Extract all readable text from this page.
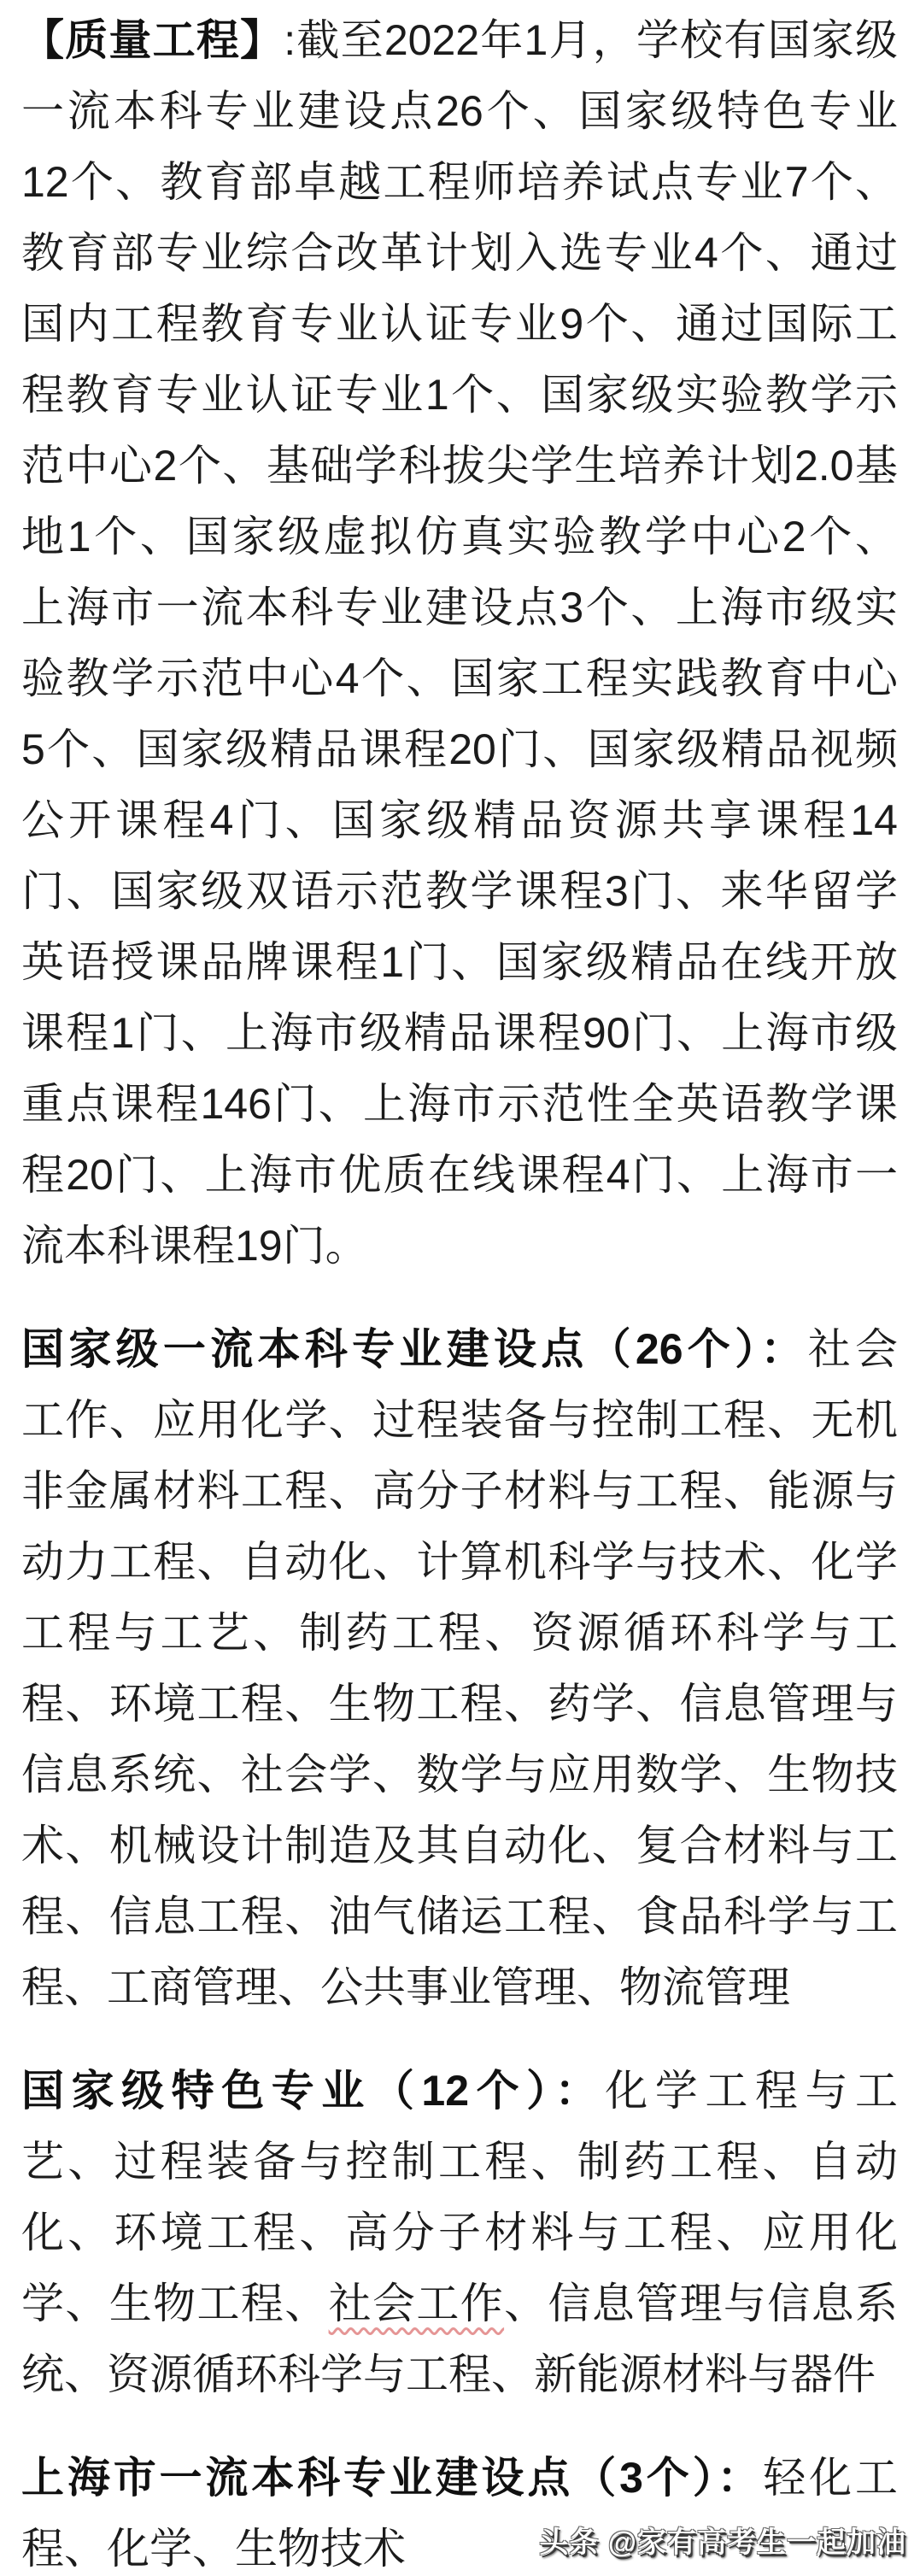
【质量工程】:截至2022年1月，学校有国家级
一流本科专业建设点26个、国家级特色专业
12个、教育部卓越工程师培养试点专业7个、
教育部专业综合改革计划入选专业4个、通过
国内工程教育专业认证专业9个、通过国际工
程教育专业认证专业1个、国家级实验教学示
范中心2个、基础学科拔尖学生培养计划2.0基
地1个、国家级虚拟仿真实验教学中心2个、
上海市一流本科专业建设点3个、上海市级实
验教学示范中心4个、国家工程实践教育中心
5个、国家级精品课程20门、国家级精品视频
公开课程4门、国家级精品资源共享课程14
门、国家级双语示范教学课程3门、来华留学
英语授课品牌课程1门、国家级精品在线开放
课程1门、上海市级精品课程90门、上海市级
重点课程146门、上海市示范性全英语教学课
程20门、上海市优质在线课程4门、上海市一
流本科课程19门。
国家级一流本科专业建设点（26个）：社会
工作、应用化学、过程装备与控制工程、无机
非金属材料工程、高分子材料与工程、能源与
动力工程、自动化、计算机科学与技术、化学
工程与工艺、制药工程、资源循环科学与工
程、环境工程、生物工程、药学、信息管理与
信息系统、社会学、数学与应用数学、生物技
术、机械设计制造及其自动化、复合材料与工
程、信息工程、油气储运工程、食品科学与工
程、工商管理、公共事业管理、物流管理
国家级特色专业（12个）：化学工程与工
艺、过程装备与控制工程、制药工程、自动
化、环境工程、高分子材料与工程、应用化
学、生物工程、社会工作、信息管理与信息系
统、资源循环科学与工程、新能源材料与器件
上海市一流本科专业建设点（3个）：轻化工
程、化学、生物技术	头条 @家有高考生一起加油
